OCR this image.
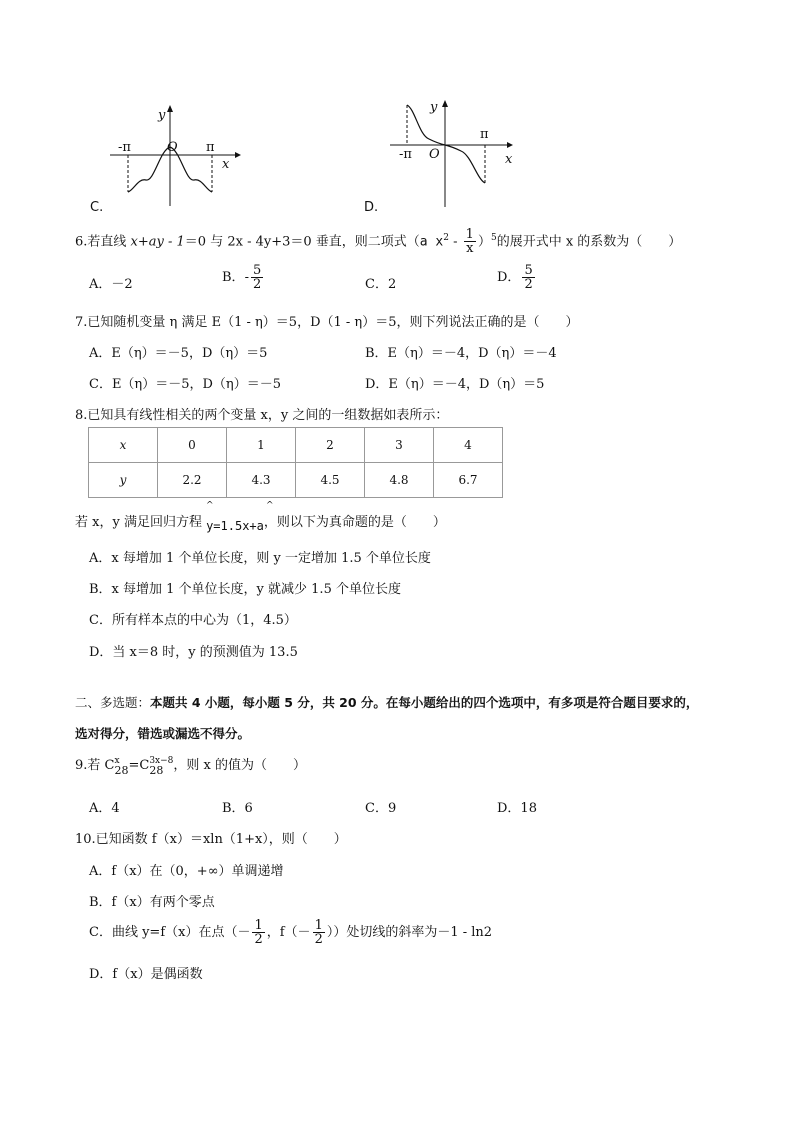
y
-π	O π
x
C.
y
π
-π O	x
D.
6.若直线 x+ay - 1＝0 与 2x - 4y+3＝0 垂直，则二项式（a $x^2 - \frac{1}{x} )^5$的展开式中 x 的系数为（　　）
A．－2	B．- $\frac{5}{2}$	C．2	D． $\frac{5}{2}$
7.已知随机变量 η 满足 E（1 - η）＝5，D（1 - η）＝5，则下列说法正确的是（　　）
A．E（η）＝－5，D（η）＝5	B．E（η）＝－4，D（η）＝－4
C．E（η）＝－5，D（η）＝－5	D．E（η）＝－4，D（η）＝5
8.已知具有线性相关的两个变量 x，y 之间的一组数据如表所示：
x	0	1	2	3	4
y	2.2	4.3	4.5	4.8	6.7
若 x，y 满足回归方程 y=1.5x+a，则以下为真命题的是（　　）
^	^
A．x 每增加 1 个单位长度，则 y 一定增加 1.5 个单位长度
B．x 每增加 1 个单位长度，y 就减少 1.5 个单位长度
C．所有样本点的中心为（1，4.5）
D．当 x＝8 时，y 的预测值为 13.5
二、多选题：本题共 4 小题，每小题 5 分，共 20 分。在每小题给出的四个选项中，有多项是符合题目要求的，
选对得分，错选或漏选不得分。
9.若 C x
28 =C 3x−8
28 ，则 x 的值为（　　）
A．4	B．6	C．9	D．18
10.已知函数 f（x）＝xln（1+x），则（　　）
A．f（x）在（0，+∞）单调递增
B．f（x）有两个零点
C．曲线 y=f（x）在点（－ $\frac{1}{2}$ ，$f(- \frac{1}{2}$ ））处切线的斜率为－1 - ln2
D．f（x）是偶函数
